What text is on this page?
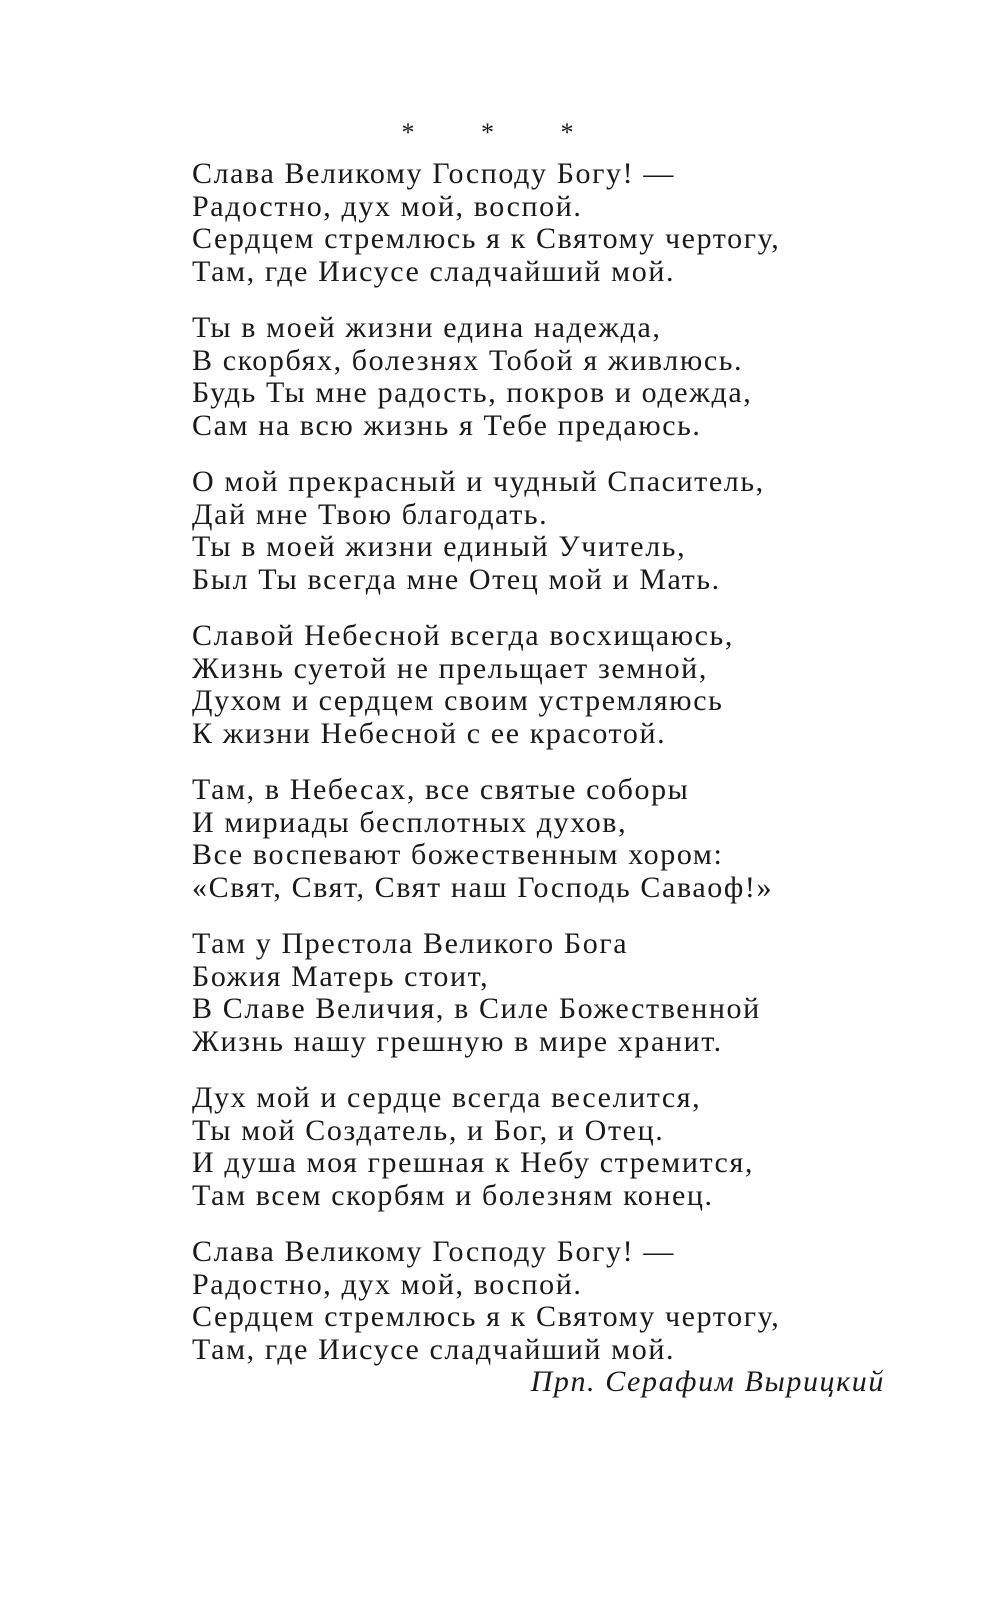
* * *
Слава Великому Господу Богу! —
Радостно, дух мой, воспой.
Сердцем стремлюсь я к Святому чертогу,
Там, где Иисусе сладчайший мой.
Ты в моей жизни едина надежда,
В скорбях, болезнях Тобой я живлюсь.
Будь Ты мне радость, покров и одежда,
Сам на всю жизнь я Тебе предаюсь.
О мой прекрасный и чудный Спаситель,
Дай мне Твою благодать.
Ты в моей жизни единый Учитель,
Был Ты всегда мне Отец мой и Мать.
Славой Небесной всегда восхищаюсь,
Жизнь суетой не прельщает земной,
Духом и сердцем своим устремляюсь
К жизни Небесной с ее красотой.
Там, в Небесах, все святые соборы
И мириады бесплотных духов,
Все воспевают божественным хором:
«Свят, Свят, Свят наш Господь Саваоф!»
Там у Престола Великого Бога
Божия Матерь стоит,
В Славе Величия, в Силе Божественной
Жизнь нашу грешную в мире хранит.
Дух мой и сердце всегда веселится,
Ты мой Создатель, и Бог, и Отец.
И душа моя грешная к Небу стремится,
Там всем скорбям и болезням конец.
Слава Великому Господу Богу! —
Радостно, дух мой, воспой.
Сердцем стремлюсь я к Святому чертогу,
Там, где Иисусе сладчайший мой.
Прп. Серафим Вырицкий
